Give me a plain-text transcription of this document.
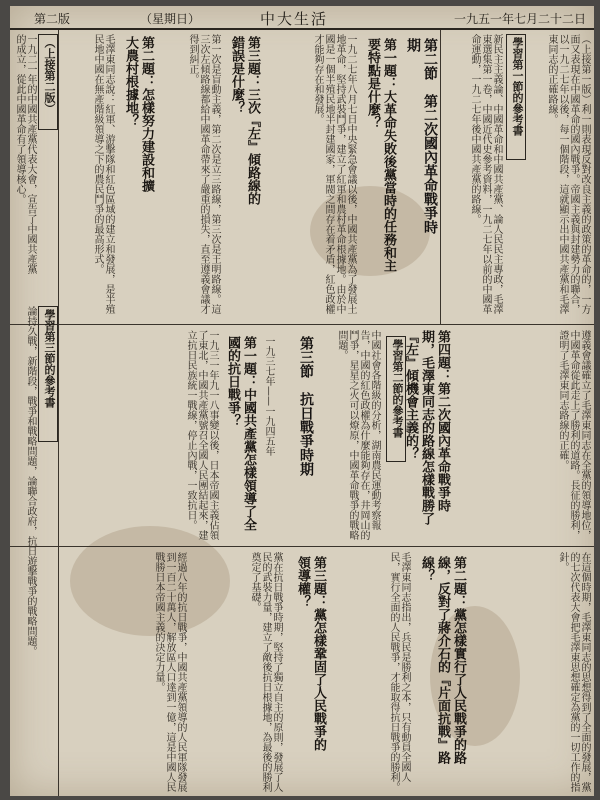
一九五一年七月二十二日
中大生活
（星期日）
第二版
（上接第一版）利一則表現反對改良主義的政策的革命的，一方面又表現在中國革命的國內戰爭。帝國主義與封建勢力的聯合，以一九二七年以後，每一個階段，這就顯示出中國共產黨和毛澤東同志的正確路線。
學習第一節的參考書
新民主主義論、中國革命和中國共產黨、論人民民主專政，毛澤東選集第一卷，中國近代史參考資料，一九二七年以前的中國革命運動，一九二七年後中國共產黨的路線。
第二節　第二次國內革命戰爭時期
第一題：大革命失敗後黨當時的任務和主要特點是什麼？
一九二七年八月七日中央緊急會議以後，中國共產黨為了發展土地革命，堅持武裝鬥爭，建立了紅軍和農村革命根據地。由於中國是一個半殖民地半封建國家，軍閥之間存在着矛盾，紅色政權才能夠存在和發展。
第三題：三次『左』傾路線的錯誤是什麼？
第一次是盲動主義，第二次是立三路線，第三次是王明路線。這三次左傾路線都給中國革命帶來了嚴重的損失，直至遵義會議才得到糾正。
第二題：怎樣努力建設和擴大農村根據地？
毛澤東同志說：紅軍、游擊隊和紅色區域的建立和發展，是半殖民地中國在無產階級領導之下的農民鬥爭的最高形式。
（上接第二版）
一九二一年的中國共產黨代表大會，宣告了中國共產黨的成立，從此中國革命有了領導核心。
學習第三節的參考書
論持久戰，新階段，戰爭和戰略問題，論聯合政府，抗日遊擊戰爭的戰略問題。	第四題：第二次國內革命戰爭時期，毛澤東同志的路線怎樣戰勝了『左』傾機會主義的？	遵義會議確立了毛澤東同志在全黨的領導地位，中國革命從此走上了勝利的道路。長征的勝利，證明了毛澤東同志路線的正確。
學習第二節的參考書
中國社會各階級的分析，湖南農民運動考察報告，中國的紅色政權為什麼能夠存在，井岡山的鬥爭，星星之火可以燎原，中國革命戰爭的戰略問題。
第三節　抗日戰爭時期
一九三七年——一九四五年
第一題：中國共產黨怎樣領導了全國的抗日戰爭？
一九三一年九一八事變以後，日本帝國主義佔領了東北，中國共產黨號召全國人民團結起來，建立抗日民族統一戰線，停止內戰，一致抗日。
在這個時期，毛澤東同志的思想得到了全面的發展，黨的七次代表大會把毛澤東思想確定為黨的一切工作的指針。
第二題：黨怎樣實行了人民戰爭的路線，反對了蔣介石的『片面抗戰』路線？
毛澤東同志指出，兵民是勝利之本，只有動員全國人民，實行全面的人民戰爭，才能取得抗日戰爭的勝利。
第三題：黨怎樣鞏固了人民戰爭的領導權？
黨在抗日戰爭時期，堅持了獨立自主的原則，發展了人民的武裝力量，建立了敵後抗日根據地，為最後的勝利奠定了基礎。
經過八年的抗日戰爭，中國共產黨領導的人民軍隊發展到一百二十萬人，解放區人口達到一億，這是中國人民戰勝日本帝國主義的決定力量。
